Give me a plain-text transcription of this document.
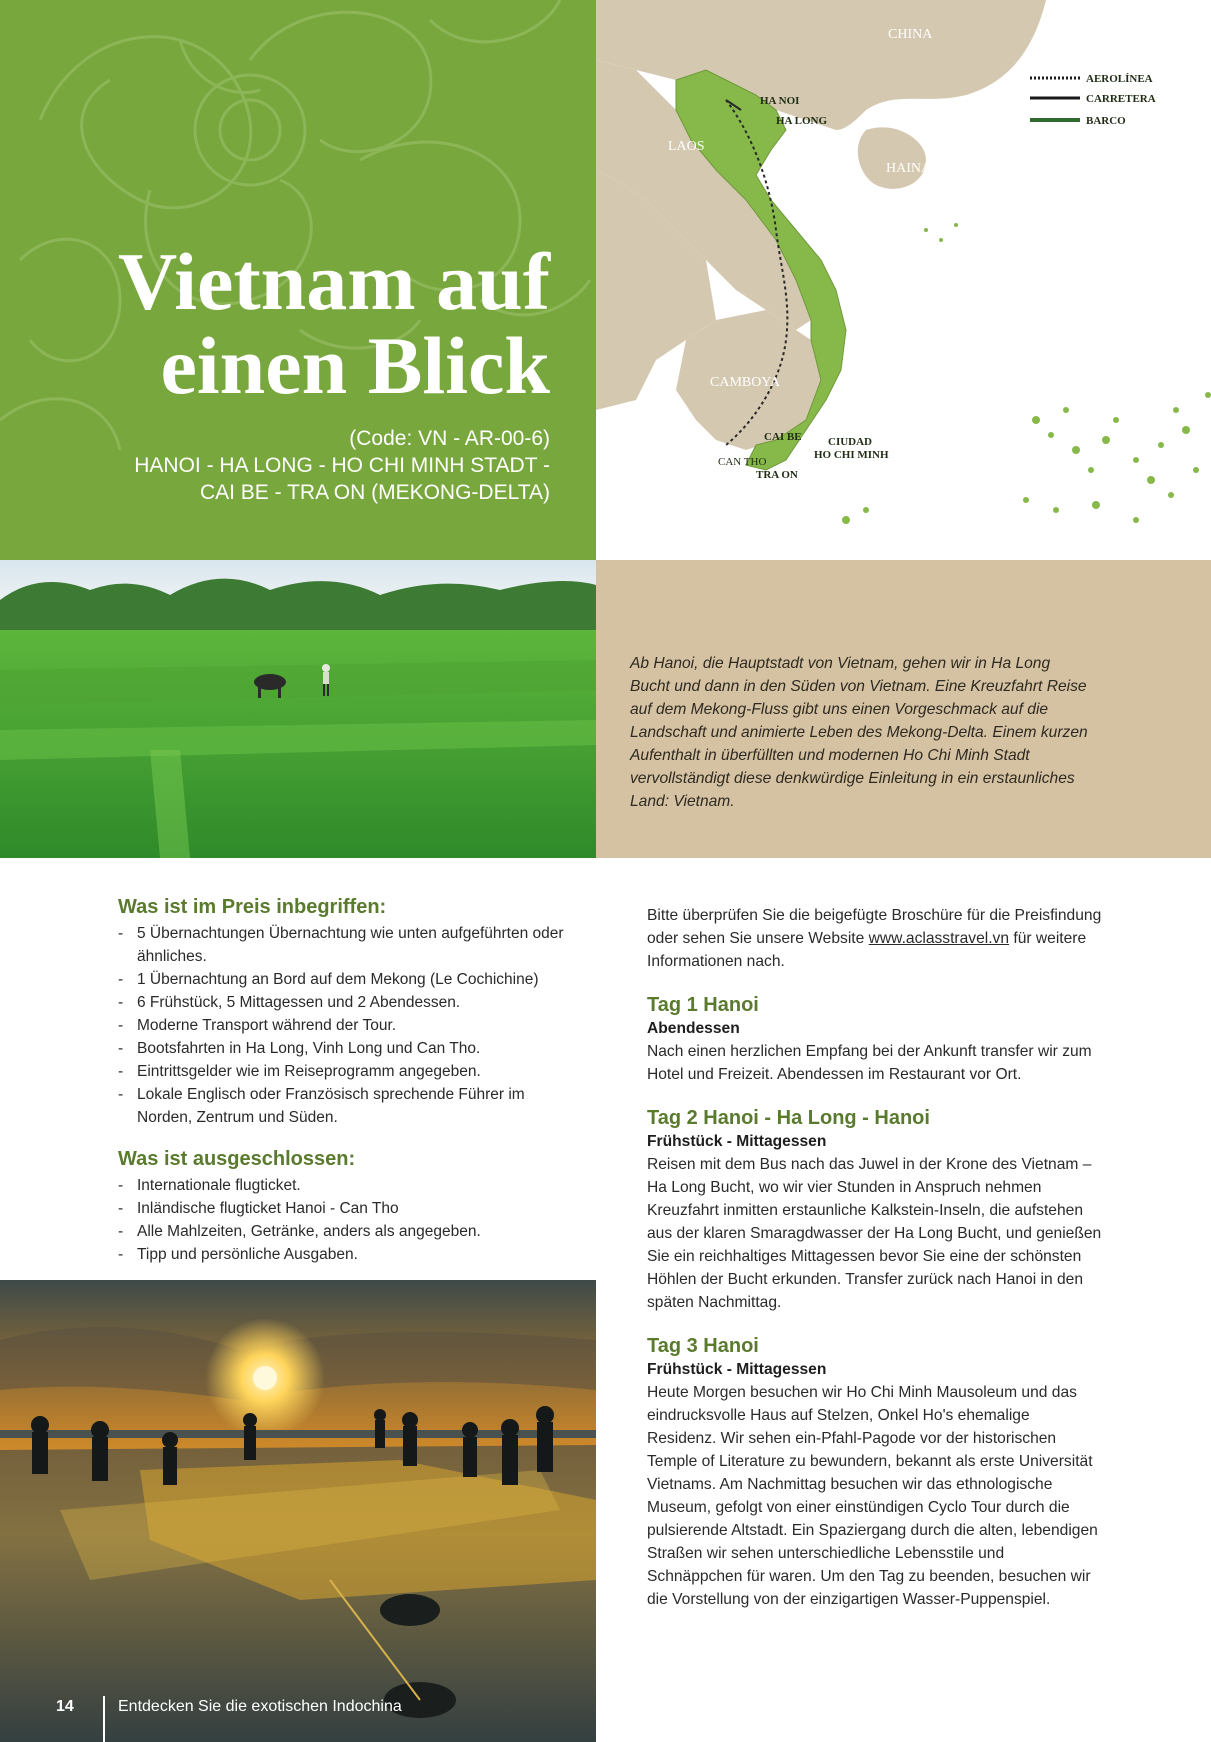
Vietnam auf
einen Blick
(Code: VN - AR-00-6)
HANOI - HA LONG - HO CHI MINH STADT -
CAI BE - TRA ON (MEKONG-DELTA)
CHINA
LAOS
CAMBOYA
HAINAM
HA NOI
HA LONG
CAI BE
CAN THO
TRA ON
CIUDAD
HO CHI MINH
AEROLÍNEA
CARRETERA
BARCO

Ab Hanoi, die Hauptstadt von Vietnam, gehen wir in Ha Long Bucht und dann in den Süden von Vietnam. Eine Kreuzfahrt Reise auf dem Mekong-Fluss gibt uns einen Vorgeschmack auf die Landschaft und animierte Leben des Mekong-Delta. Einem kurzen Aufenthalt in überfüllten und modernen Ho Chi Minh Stadt vervollständigt diese denkwürdige Einleitung in ein erstaunliches Land: Vietnam.

Was ist im Preis inbegriffen:
- 5 Übernachtungen Übernachtung wie unten aufgeführten oder ähnliches.
- 1 Übernachtung an Bord auf dem Mekong (Le Cochichine)
- 6 Frühstück, 5 Mittagessen und 2 Abendessen.
- Moderne Transport während der Tour.
- Bootsfahrten in Ha Long, Vinh Long und Can Tho.
- Eintrittsgelder wie im Reiseprogramm angegeben.
- Lokale Englisch oder Französisch sprechende Führer im Norden, Zentrum und Süden.
Was ist ausgeschlossen:
- Internationale flugticket.
- Inländische flugticket Hanoi - Can Tho
- Alle Mahlzeiten, Getränke, anders als angegeben.
- Tipp und persönliche Ausgaben.
14	Entdecken Sie die exotischen Indochina

Bitte überprüfen Sie die beigefügte Broschüre für die Preisfindung oder sehen Sie unsere Website www.aclasstravel.vn für weitere Informationen nach.

Tag 1 Hanoi

Abendessen

Nach einen herzlichen Empfang bei der Ankunft transfer wir zum Hotel und Freizeit. Abendessen im Restaurant vor Ort.

Tag 2 Hanoi - Ha Long - Hanoi

Frühstück - Mittagessen

Reisen mit dem Bus nach das Juwel in der Krone des Vietnam – Ha Long Bucht, wo wir vier Stunden in Anspruch nehmen Kreuzfahrt inmitten erstaunliche Kalkstein-Inseln, die aufstehen aus der klaren Smaragdwasser der Ha Long Bucht, und genießen Sie ein reichhaltiges Mittagessen bevor Sie eine der schönsten Höhlen der Bucht erkunden. Transfer zurück nach Hanoi in den späten Nachmittag.

Tag 3 Hanoi

Frühstück - Mittagessen

Heute Morgen besuchen wir Ho Chi Minh Mausoleum und das eindrucksvolle Haus auf Stelzen, Onkel Ho's ehemalige Residenz. Wir sehen ein-Pfahl-Pagode vor der historischen Temple of Literature zu bewundern, bekannt als erste Universität Vietnams. Am Nachmittag besuchen wir das ethnologische Museum, gefolgt von einer einstündigen Cyclo Tour durch die pulsierende Altstadt. Ein Spaziergang durch die alten, lebendigen Straßen wir sehen unterschiedliche Lebensstile und Schnäppchen für waren. Um den Tag zu beenden, besuchen wir die Vorstellung von der einzigartigen Wasser-Puppenspiel.
